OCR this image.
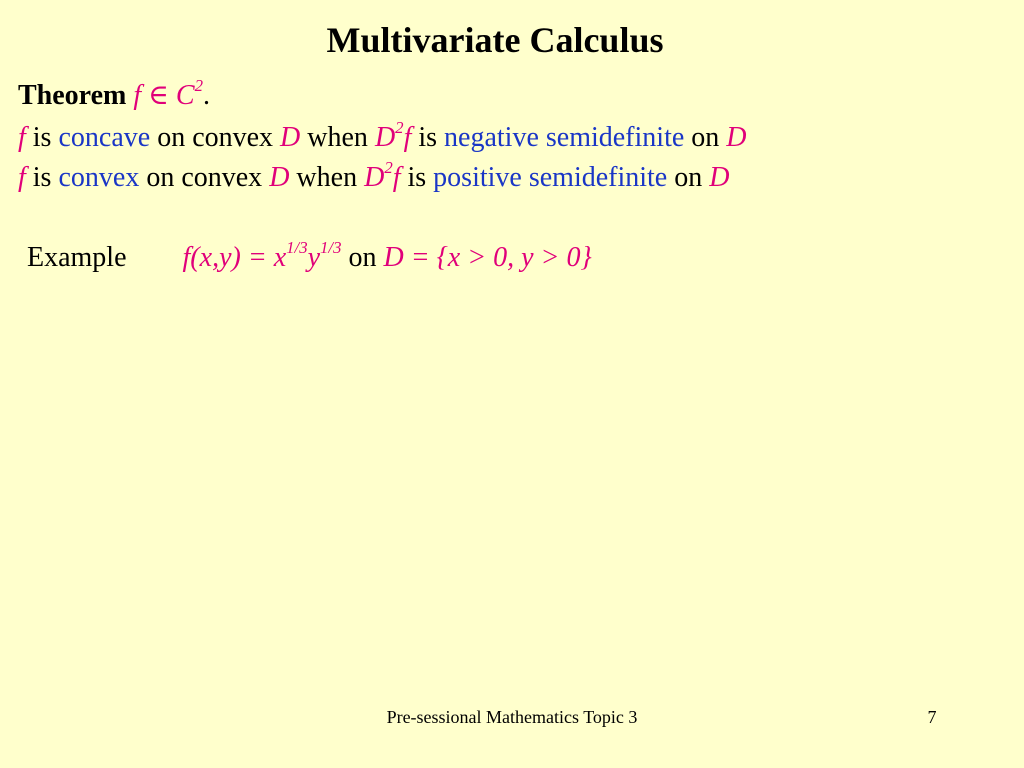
Multivariate Calculus
Theorem f ∈ $C^2$.
f is concave on convex D when $D^2f$ is negative semidefinite on D
f is convex on convex D when $D^2f$ is positive semidefinite on D
Example $f(x,y) = x^{1/3}y^{1/3}$ on D = {x > 0, y > 0}
Pre-sessional Mathematics Topic 3	7
